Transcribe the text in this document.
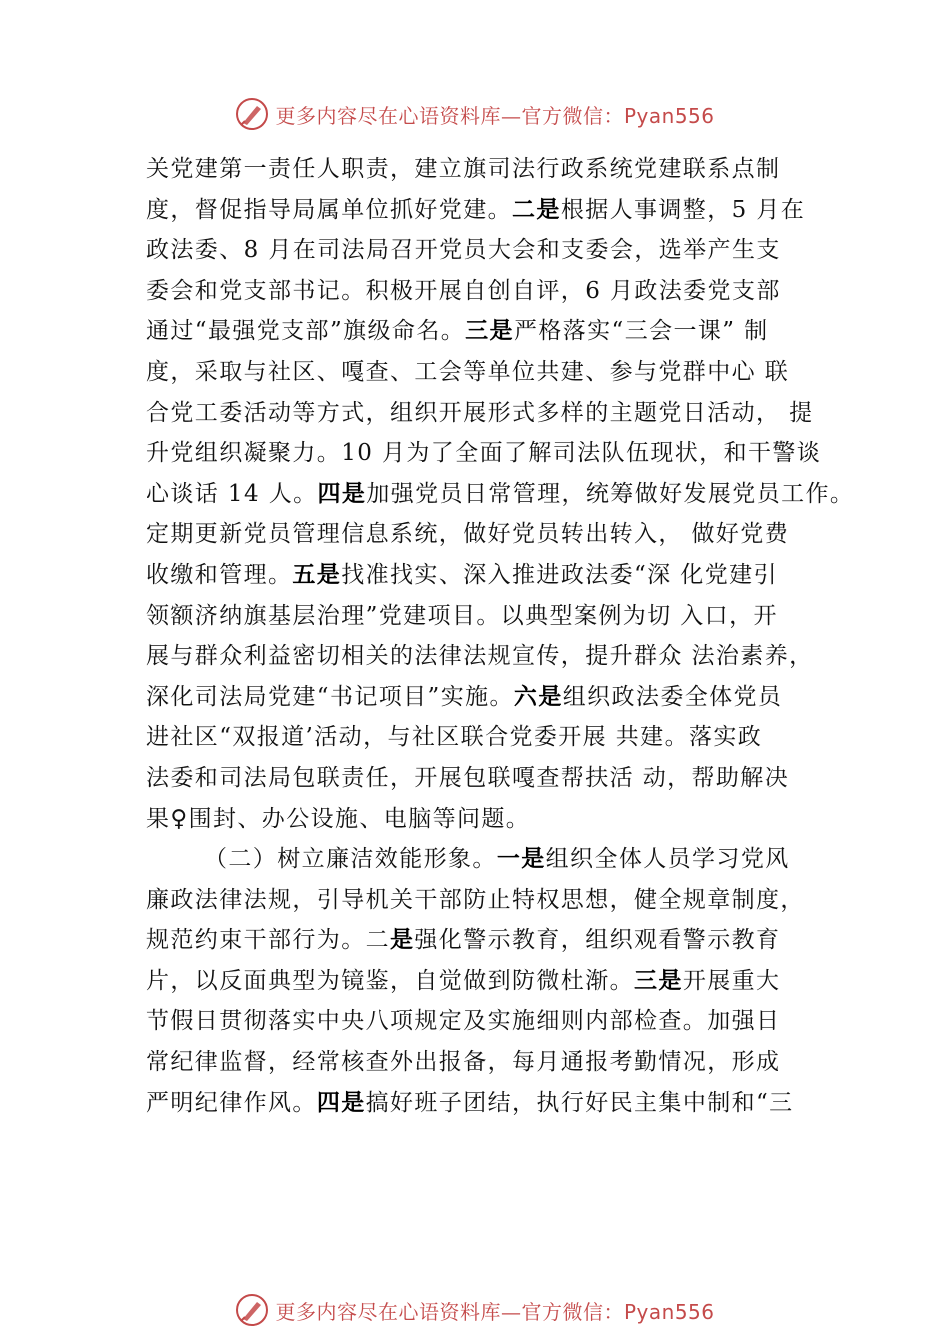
更多内容尽在心语资料库—官方微信：Pyan556
关党建第一责任人职责，建立旗司法行政系统党建联系点制
度，督促指导局属单位抓好党建。二是根据人事调整，5 月在
政法委、8 月在司法局召开党员大会和支委会，选举产生支
委会和党支部书记。积极开展自创自评，6 月政法委党支部
通过“最强党支部”旗级命名。三是严格落实“三会一课” 制
度，采取与社区、嘎查、工会等单位共建、参与党群中心 联
合党工委活动等方式，组织开展形式多样的主题党日活动， 提
升党组织凝聚力。10 月为了全面了解司法队伍现状，和干警谈
心谈话 14 人。四是加强党员日常管理，统筹做好发展党员工作。
定期更新党员管理信息系统，做好党员转出转入， 做好党费
收缴和管理。五是找准找实、深入推进政法委“深 化党建引
领额济纳旗基层治理”党建项目。以典型案例为切 入口，开
展与群众利益密切相关的法律法规宣传，提升群众 法治素养，
深化司法局党建“书记项目”实施。六是组织政法委全体党员
进社区“双报道’活动，与社区联合党委开展 共建。落实政
法委和司法局包联责任，开展包联嘎查帮扶活 动，帮助解决
果♀围封、办公设施、电脑等问题。
（二）树立廉洁效能形象。一是组织全体人员学习党风
廉政法律法规，引导机关干部防止特权思想，健全规章制度，
规范约束干部行为。二是强化警示教育，组织观看警示教育
片，以反面典型为镜鉴，自觉做到防微杜渐。三是开展重大
节假日贯彻落实中央八项规定及实施细则内部检查。加强日
常纪律监督，经常核查外出报备，每月通报考勤情况，形成
严明纪律作风。四是搞好班子团结，执行好民主集中制和“三
更多内容尽在心语资料库—官方微信：Pyan556
